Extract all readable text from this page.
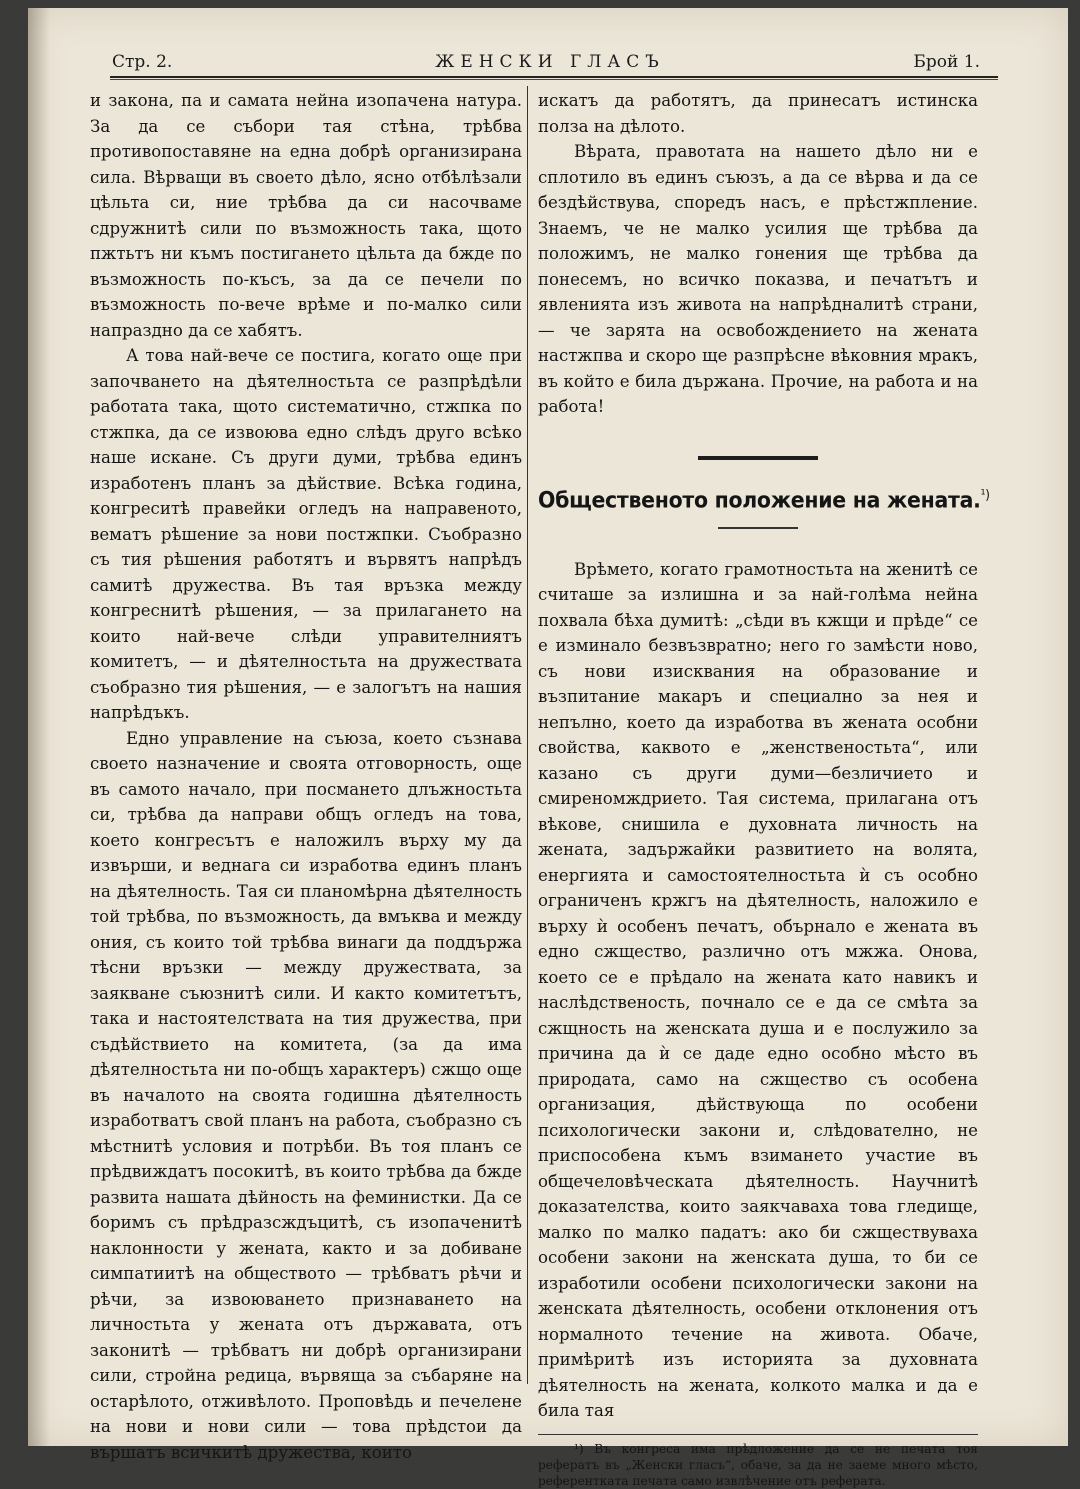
Стр. 2.	ЖЕНСКИ ГЛАСЪ	Брой 1.

и закона, па и самата нейна изопачена натура. За да се събори тая стѣна, трѣбва противопоставяне на една добрѣ организирана сила. Вѣрващи въ своето дѣло, ясно отбѣлѣзали цѣльта си, ние трѣбва да си насочваме сдружнитѣ сили по възможность така, щото пжтьтъ ни къмъ постигането цѣльта да бжде по възможность по-късъ, за да се печели по възможность по-вече врѣме и по-малко сили напраздно да се хабятъ.

А това най-вече се постига, когато още при започването на дѣятелностьта се разпрѣдѣли работата така, щото систематично, стжпка по стжпка, да се извоюва едно слѣдъ друго всѣко наше искане. Съ други думи, трѣбва единъ изработенъ планъ за дѣйствие. Всѣка година, конгреситѣ правейки огледъ на направеното, вематъ рѣшение за нови постжпки. Съобразно съ тия рѣшения работятъ и вървятъ напрѣдъ самитѣ дружества. Въ тая връзка между конгреснитѣ рѣшения, — за прилагането на които най-вече слѣди управителниятъ комитетъ, — и дѣятелностьта на дружествата съобразно тия рѣшения, — е залогътъ на нашия напрѣдъкъ.

Едно управление на съюза, което съзнава своето назначение и своята отговорность, още въ самото начало, при посмането длъжностьта си, трѣбва да направи общъ огледъ на това, което конгресътъ е наложилъ върху му да извърши, и веднага си изработва единъ планъ на дѣятелность. Тая си планомѣрна дѣятелность той трѣбва, по възможность, да вмъква и между ония, съ които той трѣбва винаги да поддържа тѣсни връзки — между дружествата, за заякване съюзнитѣ сили. И както комитетътъ, така и настоятелствата на тия дружества, при съдѣйствието на комитета, (за да има дѣятелностьта ни по-общъ характеръ) сжщо още въ началото на своята годишна дѣятелность изработватъ свой планъ на работа, съобразно съ мѣстнитѣ условия и потрѣби. Въ тоя планъ се прѣдвиждатъ посокитѣ, въ които трѣбва да бжде развита нашата дѣйность на феминистки. Да се боримъ съ прѣдразсждъцитѣ, съ изопаченитѣ наклонности у жената, както и за добиване симпатиитѣ на обществото — трѣбватъ рѣчи и рѣчи, за извоюването признаването на личностьта у жената отъ държавата, отъ законитѣ — трѣбватъ ни добрѣ организирани сили, стройна редица, вървяща за събаряне на остарѣлото, отживѣлото. Проповѣдь и печелене на нови и нови сили — това прѣдстои да вършатъ всичкитѣ дружества, които

искатъ да работятъ, да принесатъ истинска полза на дѣлото.

Вѣрата, правотата на нашето дѣло ни е сплотило въ единъ съюзъ, а да се вѣрва и да се бездѣйствува, споредъ насъ, е прѣстжпление. Знаемъ, че не малко усилия ще трѣбва да положимъ, не малко гонения ще трѣбва да понесемъ, но всичко показва, и печатътъ и явленията изъ живота на напрѣдналитѣ страни, — че зарята на освобождението на жената настжпва и скоро ще разпрѣсне вѣковния мракъ, въ който е била държана. Прочие, на работа и на работа!

Общественото положение на жената.$^{^1)}$

Врѣмето, когато грамотностьта на женитѣ се считаше за излишна и за най-голѣма нейна похвала бѣха думитѣ: „сѣди въ кжщи и прѣде“ се е изминало безвъзвратно; него го замѣсти ново, съ нови изисквания на образование и възпитание макаръ и специално за нея и непълно, което да изработва въ жената особни свойства, каквото е „женственостьта“, или казано съ други думи—безличието и смиреномждрието. Тая система, прилагана отъ вѣкове, снишила е духовната личность на жената, задържайки развитието на волята, енергията и самостоятелностьта ѝ съ особно ограниченъ кржгъ на дѣятелность, наложило е върху ѝ особенъ печатъ, обърнало е жената въ едно сжщество, различно отъ мжжа. Онова, което се е прѣдало на жената като навикъ и наслѣдственость, почнало се е да се смѣта за сжщность на женската душа и е послужило за причина да ѝ се даде едно особно мѣсто въ природата, само на сжщество съ особена организация, дѣйствующа по особени психологически закони и, слѣдователно, не приспособена къмъ взимането участие въ общечеловѣческата дѣятелность. Научнитѣ доказателства, които заякчаваха това гледище, малко по малко падатъ: ако би сжществуваха особени закони на женската душа, то би се изработили особени психологически закони на женската дѣятелность, особени отклонения отъ нормалното течение на живота. Обаче, примѣритѣ изъ историята за духовната дѣятелность на жената, колкото малка и да е била тая

¹) Въ конгреса има прѣдложение да се не печата тоя рефератъ въ „Женски гласъ“, обаче, за да не заеме много мѣсто, референтката печата само извлѣчение отъ реферата.
